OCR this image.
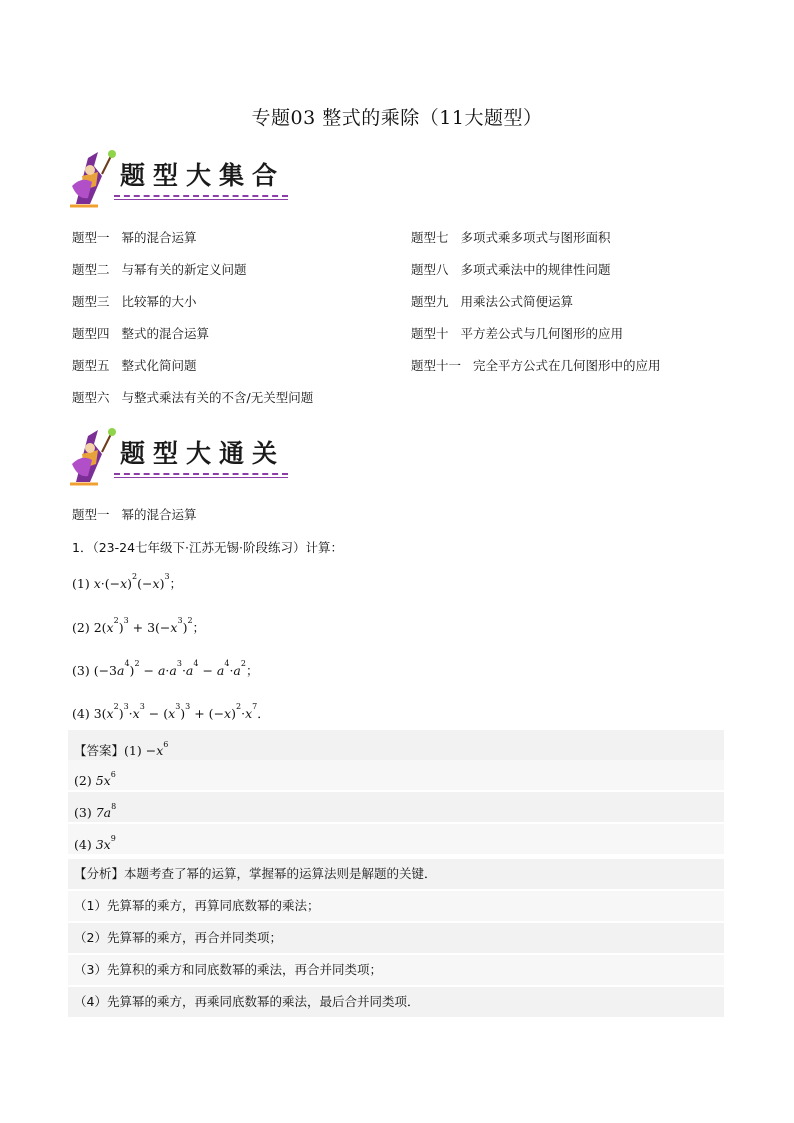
专题03 整式的乘除（11大题型）
题型大集合
题型一 幂的混合运算
题型二 与幂有关的新定义问题
题型三 比较幂的大小
题型四 整式的混合运算
题型五 整式化简问题
题型六 与整式乘法有关的不含/无关型问题
题型七 多项式乘多项式与图形面积
题型八 多项式乘法中的规律性问题
题型九 用乘法公式简便运算
题型十 平方差公式与几何图形的应用
题型十一 完全平方公式在几何图形中的应用
题型大通关
题型一 幂的混合运算
1．（23-24七年级下·江苏无锡·阶段练习）计算：
(1) $x\cdot(-x)^2(-x)^3$；
(2) $2(x^2)^3 + 3(-x^3)^2$；
(3) $(-3a^4)^2 - a\cdot a^3\cdot a^4 - a^4\cdot a^2$；
(4) $3(x^2)^3\cdot x^3 - (x^3)^3 + (-x)^2\cdot x^7$．
【答案】$(1) -x^6$
(2) $5x^6$
(3) $7a^8$
(4) $3x^9$
【分析】本题考查了幂的运算，掌握幂的运算法则是解题的关键．
（1）先算幂的乘方，再算同底数幂的乘法；
（2）先算幂的乘方，再合并同类项；
（3）先算积的乘方和同底数幂的乘法，再合并同类项；
（4）先算幂的乘方，再乘同底数幂的乘法，最后合并同类项．
